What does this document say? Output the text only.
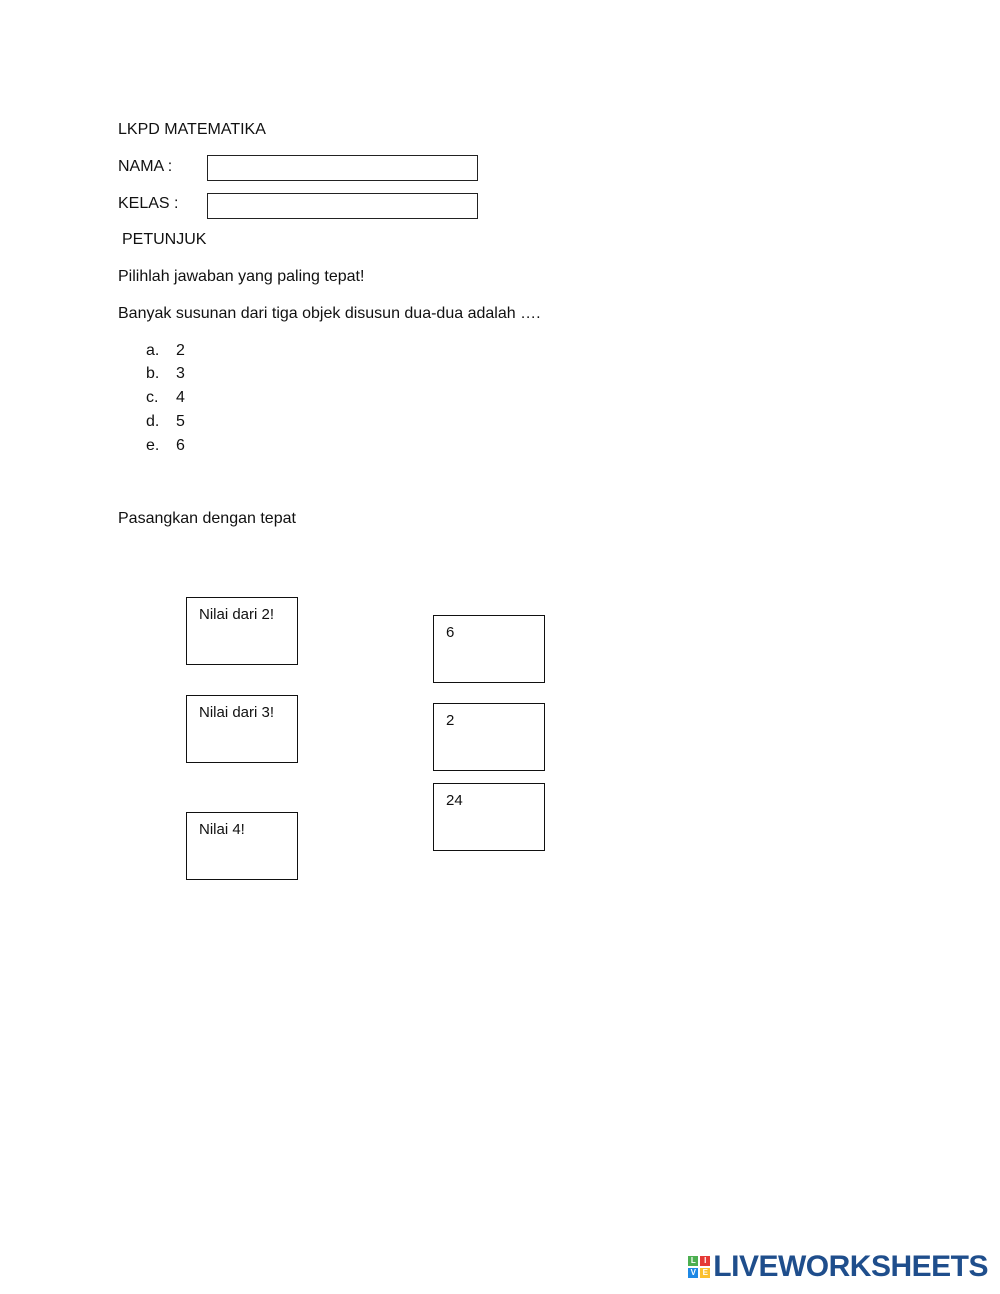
LKPD MATEMATIKA
NAMA :
KELAS :
PETUNJUK
Pilihlah jawaban yang paling tepat!
Banyak susunan dari tiga objek disusun dua-dua adalah ….
a. 2
b. 3
c. 4
d. 5
e. 6
Pasangkan dengan tepat
Nilai dari 2!
Nilai dari 3!
Nilai 4!
6
2
24
L	I
V E LIVEWORKSHEETS
